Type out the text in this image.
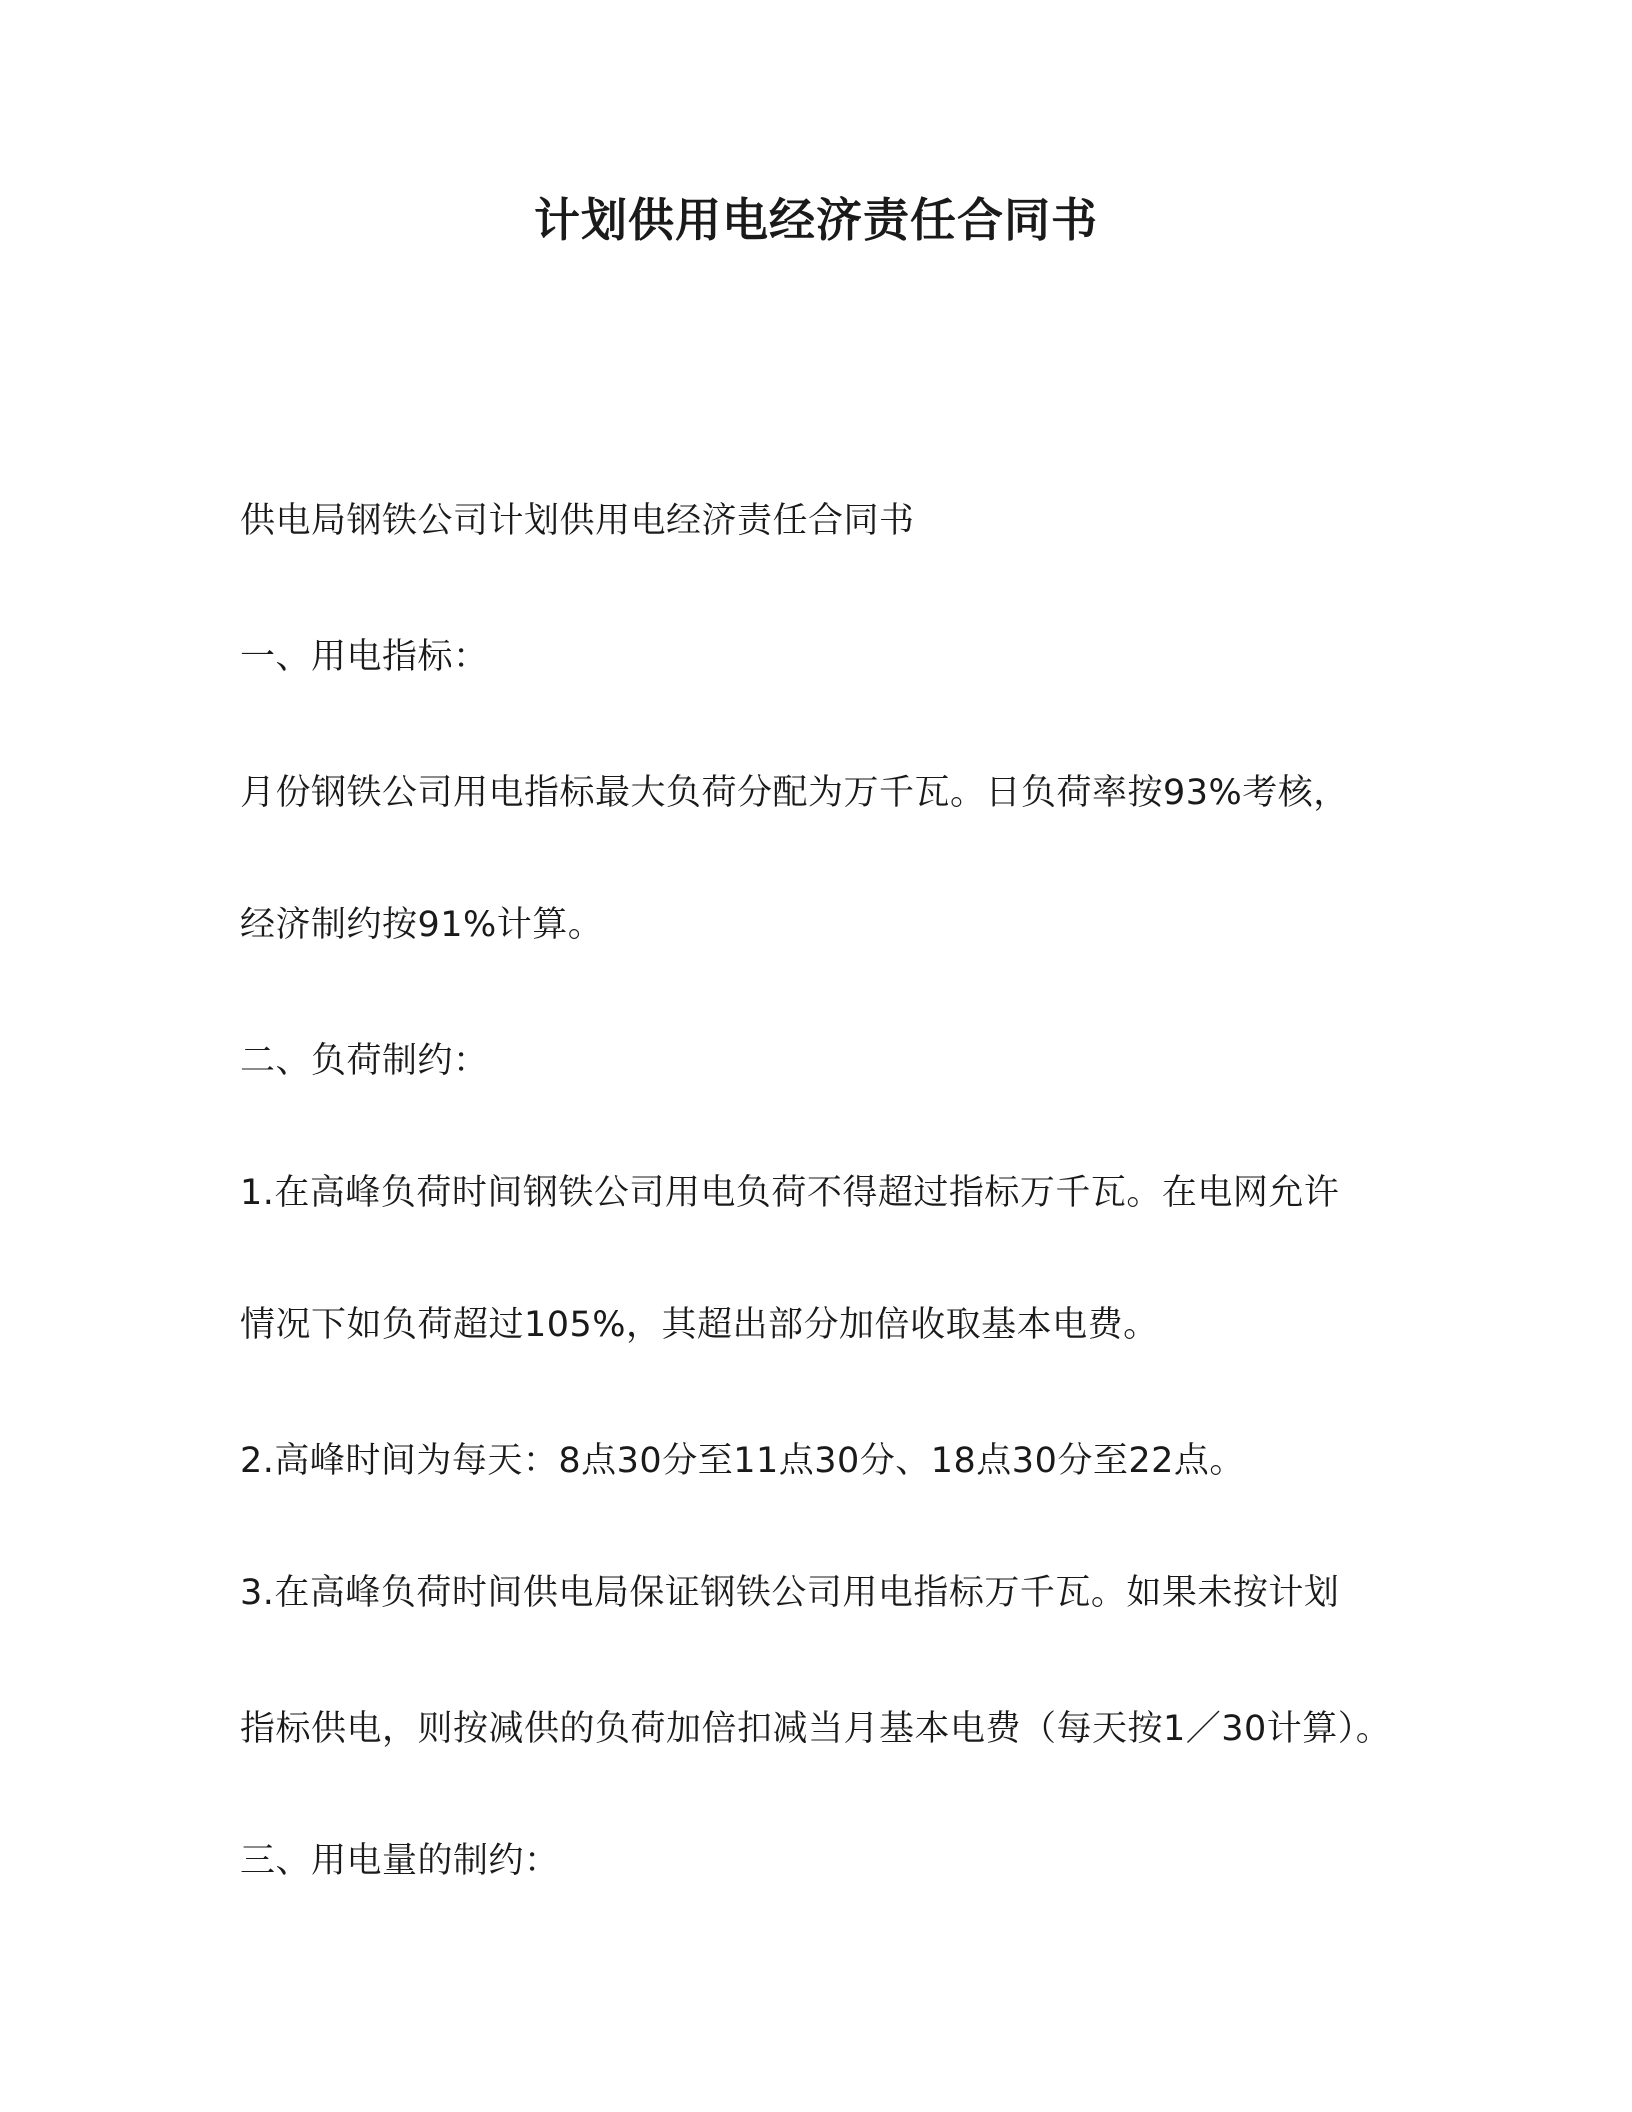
计划供用电经济责任合同书
供电局钢铁公司计划供用电经济责任合同书
一、用电指标：
月份钢铁公司用电指标最大负荷分配为万千瓦。日负荷率按93%考核，
经济制约按91%计算。
二、负荷制约：
1.在高峰负荷时间钢铁公司用电负荷不得超过指标万千瓦。在电网允许
情况下如负荷超过105%，其超出部分加倍收取基本电费。
2.高峰时间为每天：8点30分至11点30分、18点30分至22点。
3.在高峰负荷时间供电局保证钢铁公司用电指标万千瓦。如果未按计划
指标供电，则按减供的负荷加倍扣减当月基本电费（每天按1／30计算）。
三、用电量的制约：
